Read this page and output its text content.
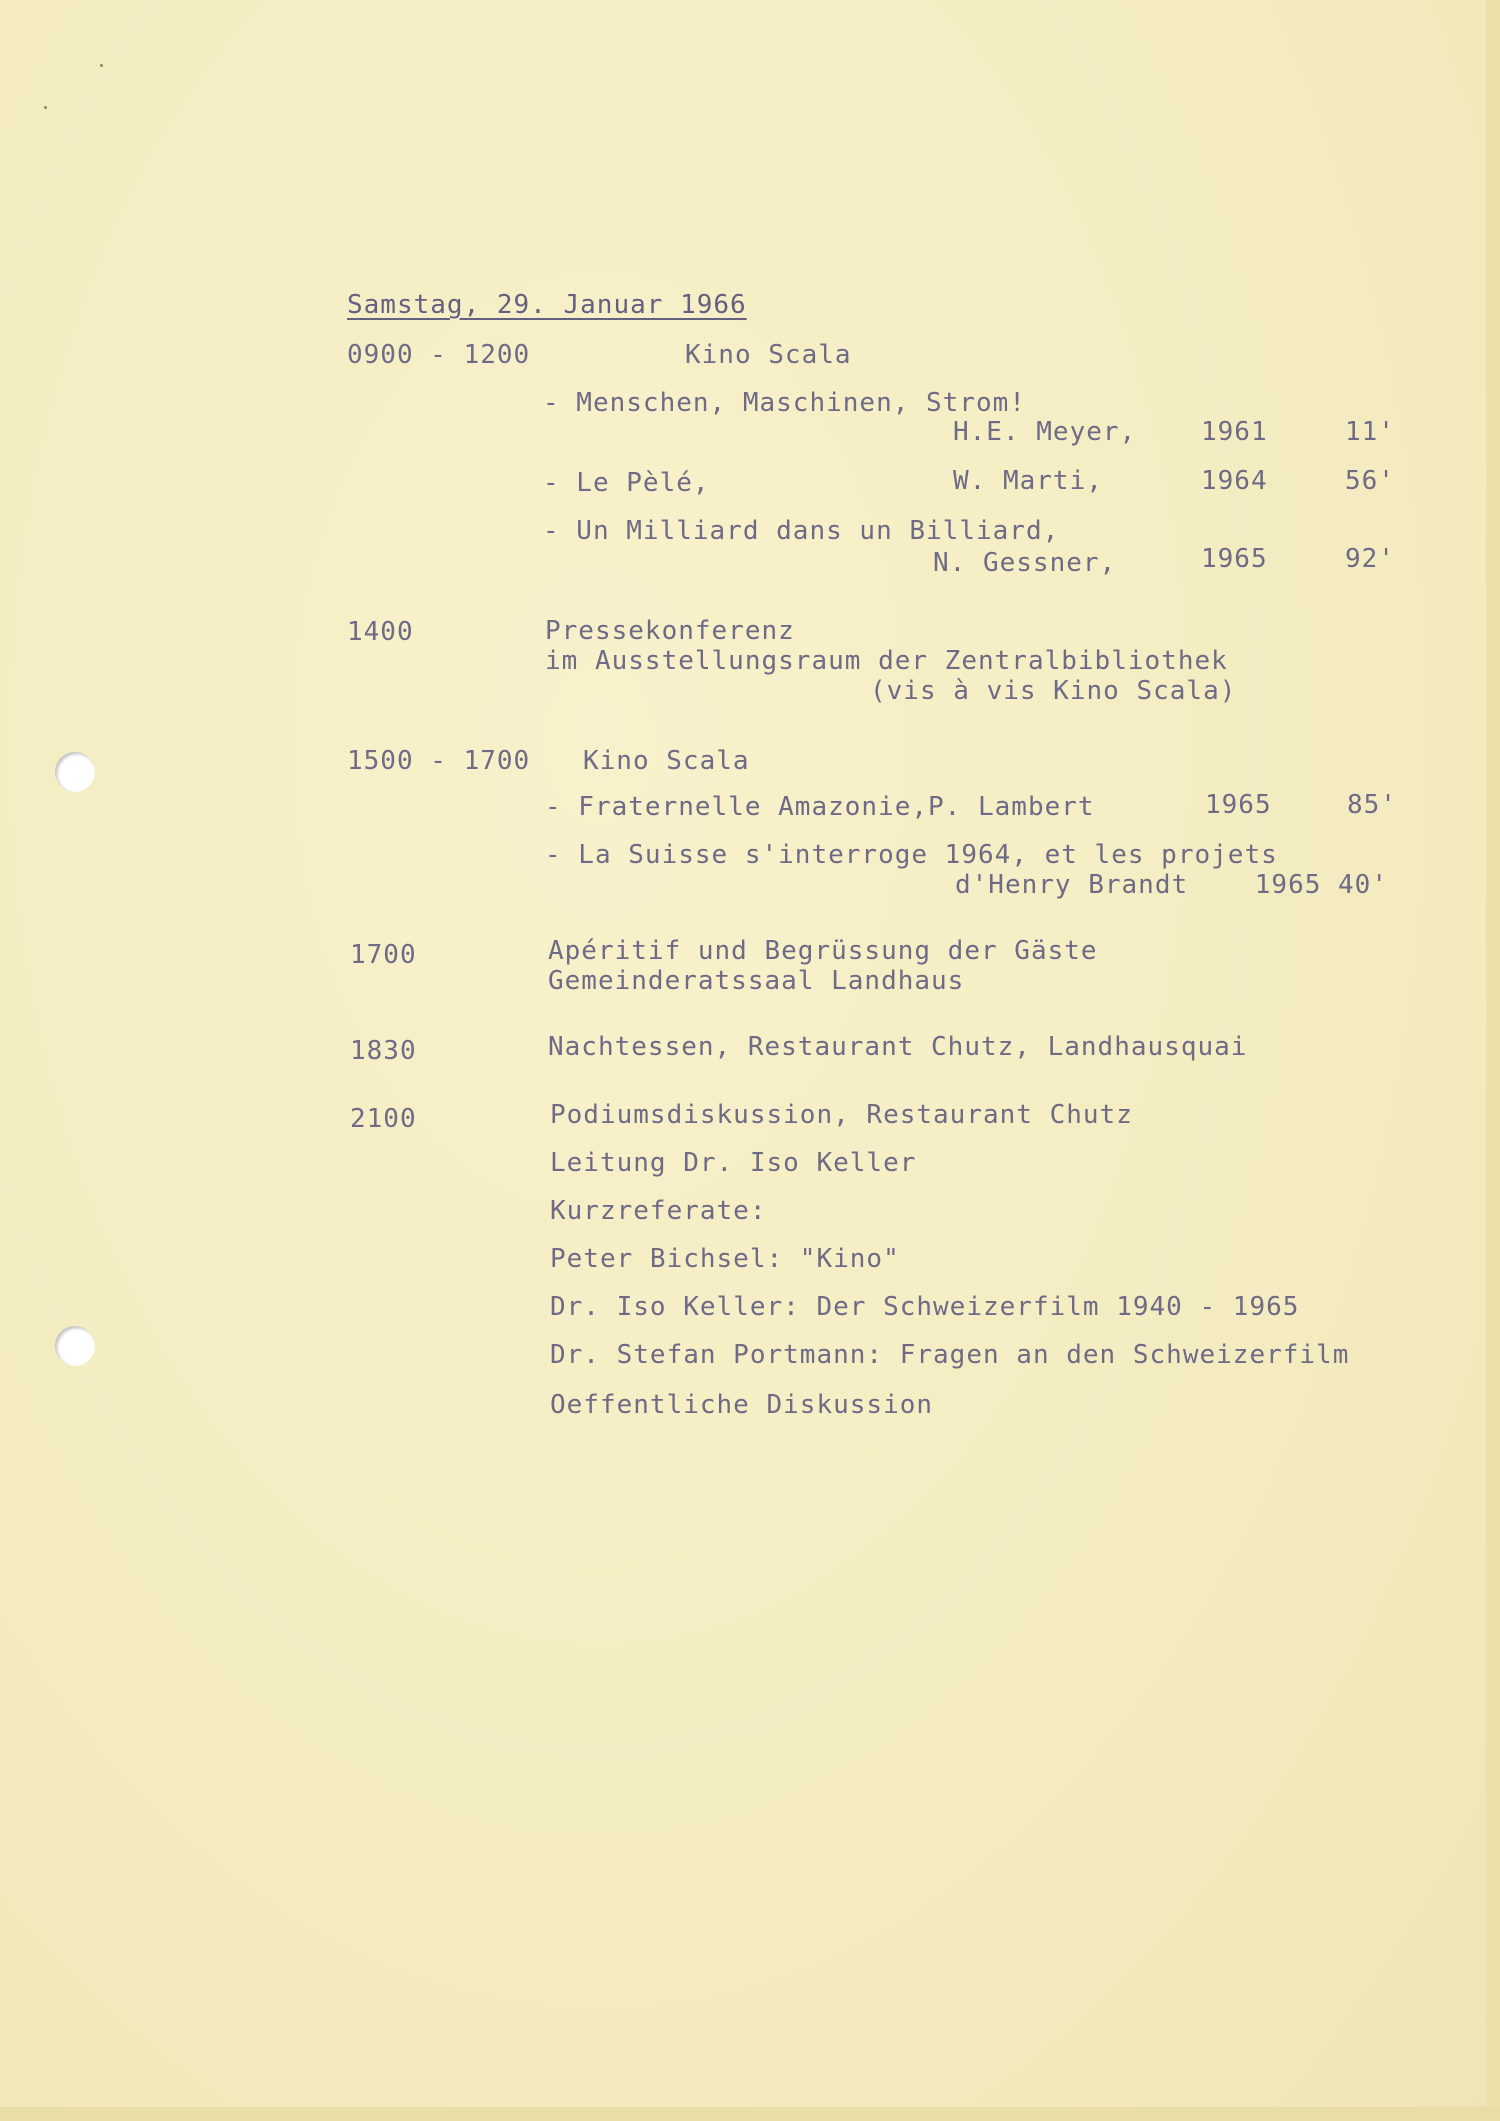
Samstag, 29. Januar 1966
0900 - 1200	Kino Scala
- Menschen, Maschinen, Strom!
H.E. Meyer, 1961	11'
- Le Pèlé,	W. Marti,	1964	56'
- Un Milliard dans un Billiard,
N. Gessner,	1965	92'
1400	Pressekonferenz
im Ausstellungsraum der Zentralbibliothek
(vis à vis Kino Scala)
1500 - 1700 Kino Scala
- Fraternelle Amazonie,P. Lambert	1965	85'
- La Suisse s'interroge 1964, et les projets
d'Henry Brandt    1965 40'
1700	Apéritif und Begrüssung der Gäste
Gemeinderatssaal Landhaus
1830	Nachtessen, Restaurant Chutz, Landhausquai
2100	Podiumsdiskussion, Restaurant Chutz
Leitung Dr. Iso Keller
Kurzreferate:
Peter Bichsel: "Kino"
Dr. Iso Keller: Der Schweizerfilm 1940 - 1965
Dr. Stefan Portmann: Fragen an den Schweizerfilm
Oeffentliche Diskussion
